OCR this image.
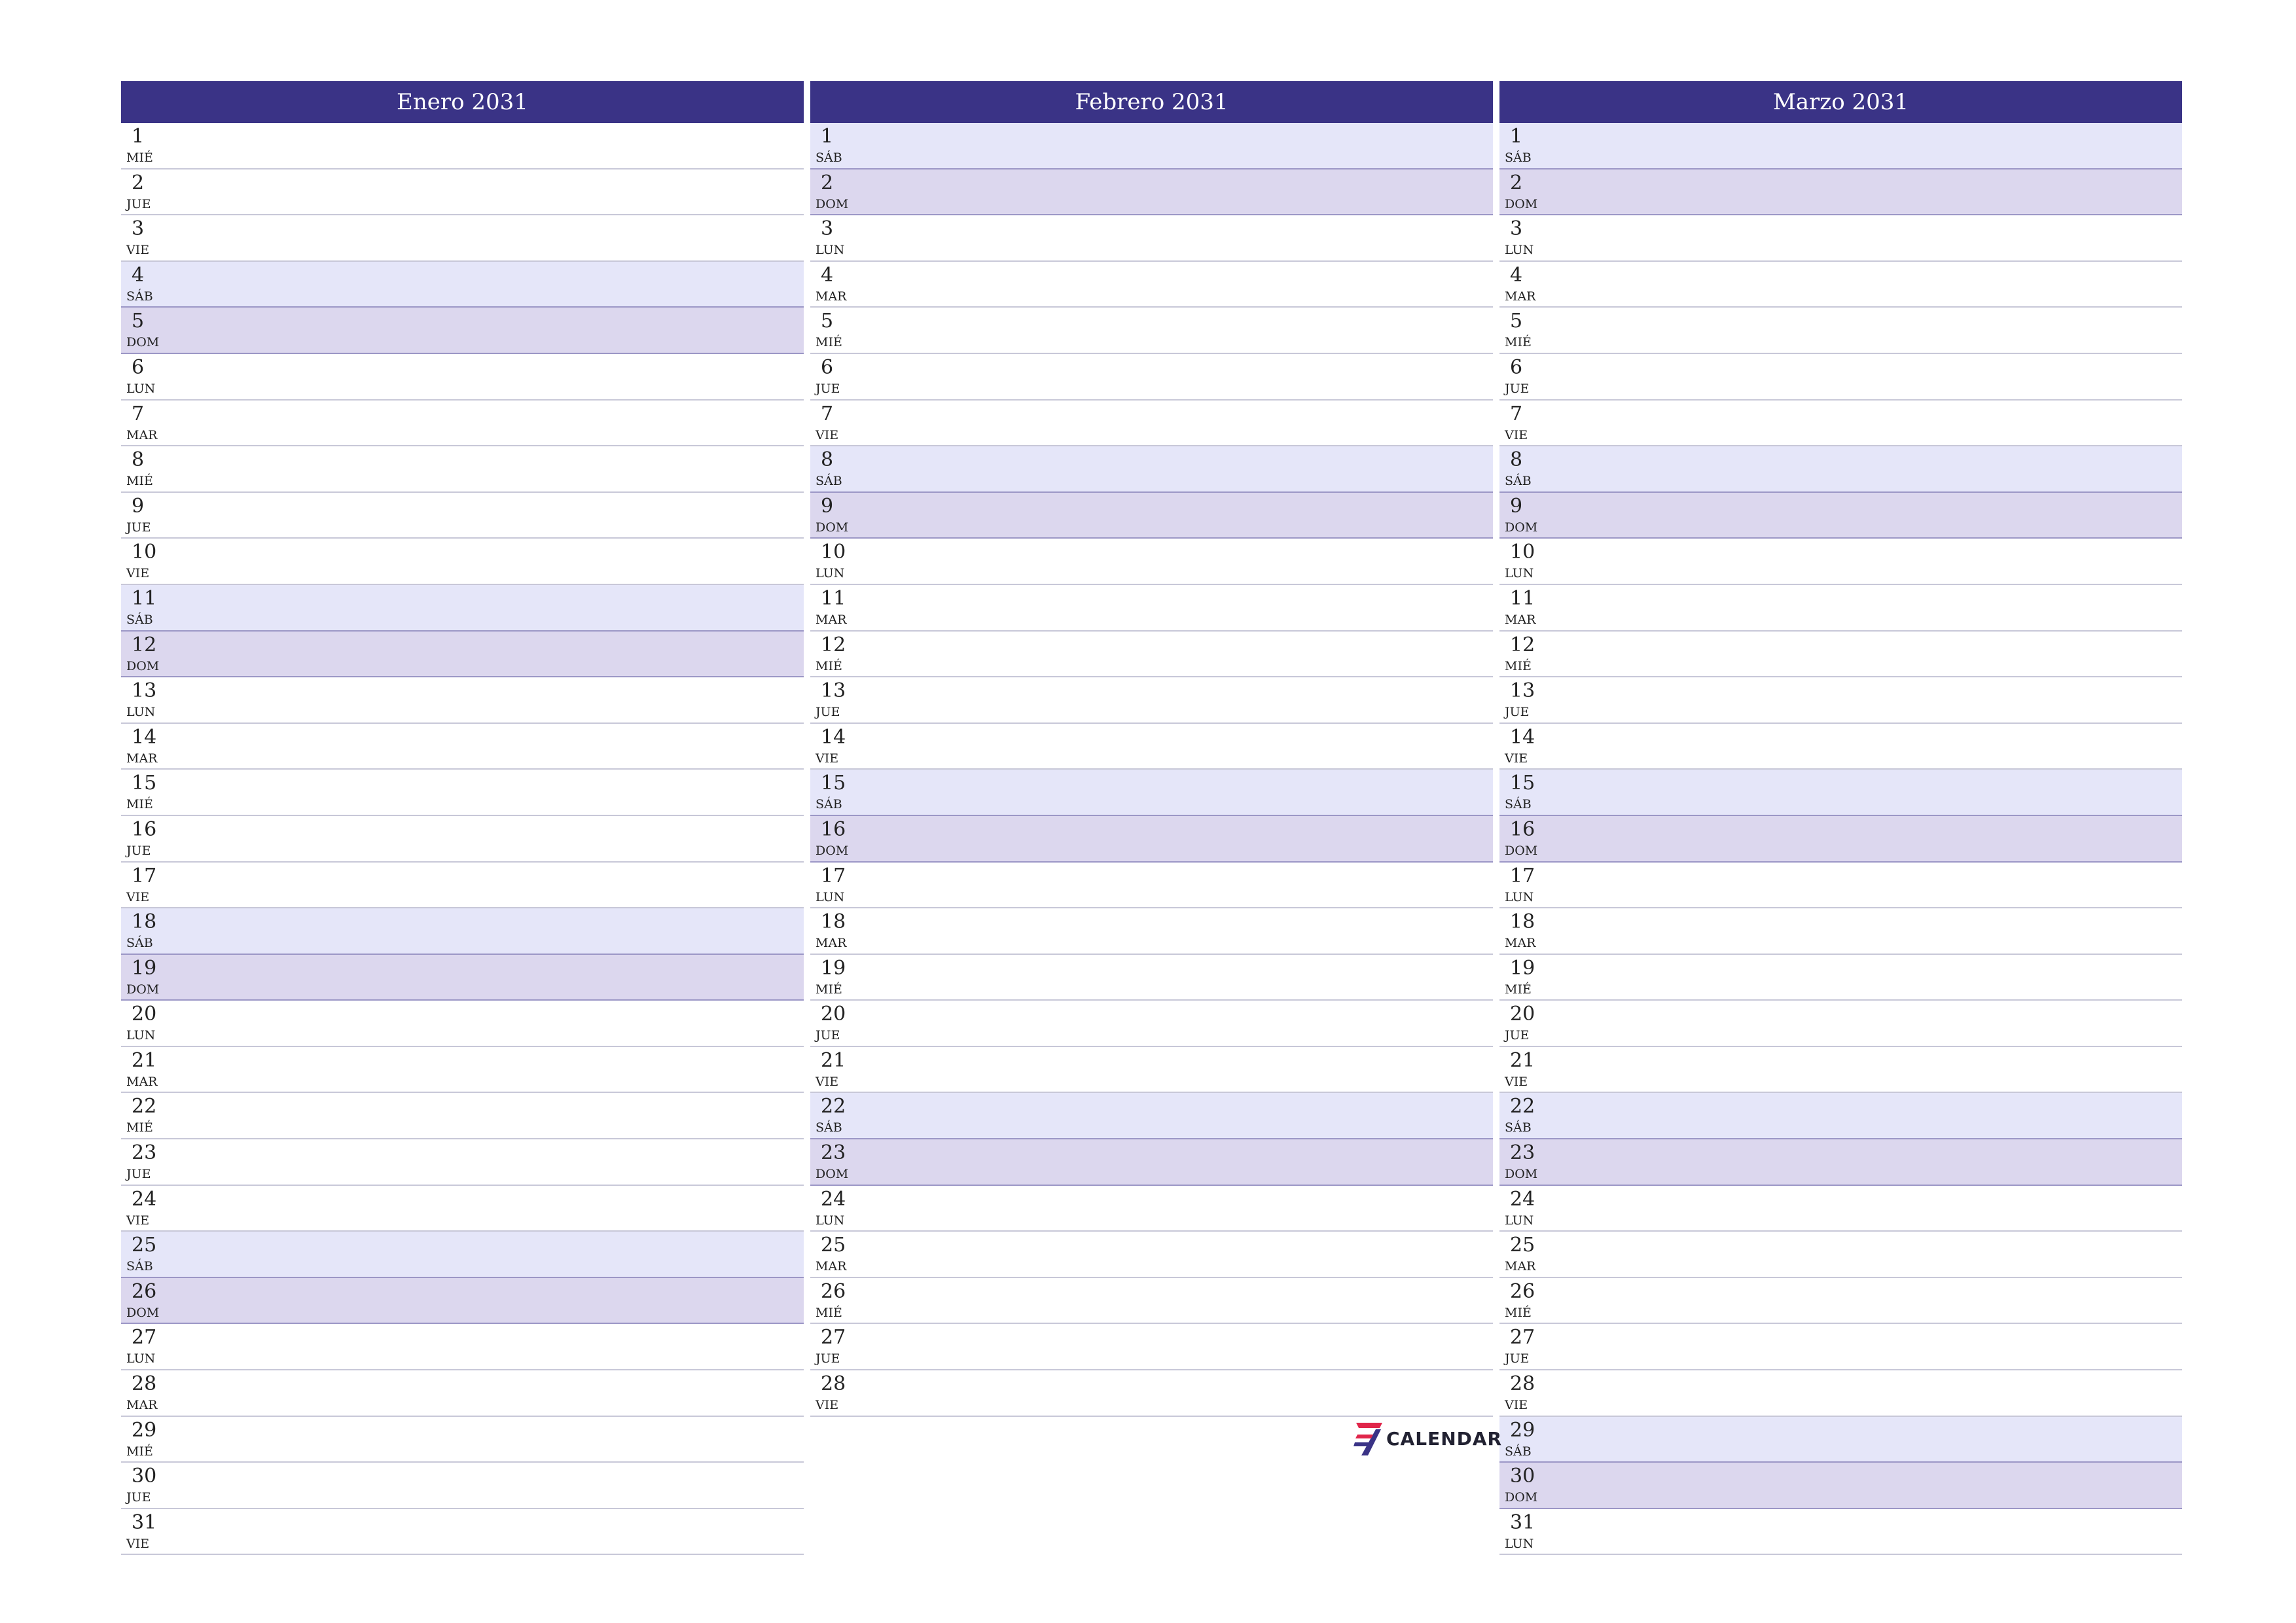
Enero 2031
1
MIÉ
2
JUE
3
VIE
4
SÁB
5
DOM
6
LUN
7
MAR
8
MIÉ
9
JUE
10
VIE
11
SÁB
12
DOM
13
LUN
14
MAR
15
MIÉ
16
JUE
17
VIE
18
SÁB
19
DOM
20
LUN
21
MAR
22
MIÉ
23
JUE
24
VIE
25
SÁB
26
DOM
27
LUN
28
MAR
29
MIÉ
30
JUE
31
VIE
Febrero 2031
1
SÁB
2
DOM
3
LUN
4
MAR
5
MIÉ
6
JUE
7
VIE
8
SÁB
9
DOM
10
LUN
11
MAR
12
MIÉ
13
JUE
14
VIE
15
SÁB
16
DOM
17
LUN
18
MAR
19
MIÉ
20
JUE
21
VIE
22
SÁB
23
DOM
24
LUN
25
MAR
26
MIÉ
27
JUE
28
VIE
Marzo 2031
1
SÁB
2
DOM
3
LUN
4
MAR
5
MIÉ
6
JUE
7
VIE
8
SÁB
9
DOM
10
LUN
11
MAR
12
MIÉ
13
JUE
14
VIE
15
SÁB
16
DOM
17
LUN
18
MAR
19
MIÉ
20
JUE
21
VIE
22
SÁB
23
DOM
24
LUN
25
MAR
26
MIÉ
27
JUE
28
VIE
29
SÁB
30
DOM
31
LUN
CALENDAR
